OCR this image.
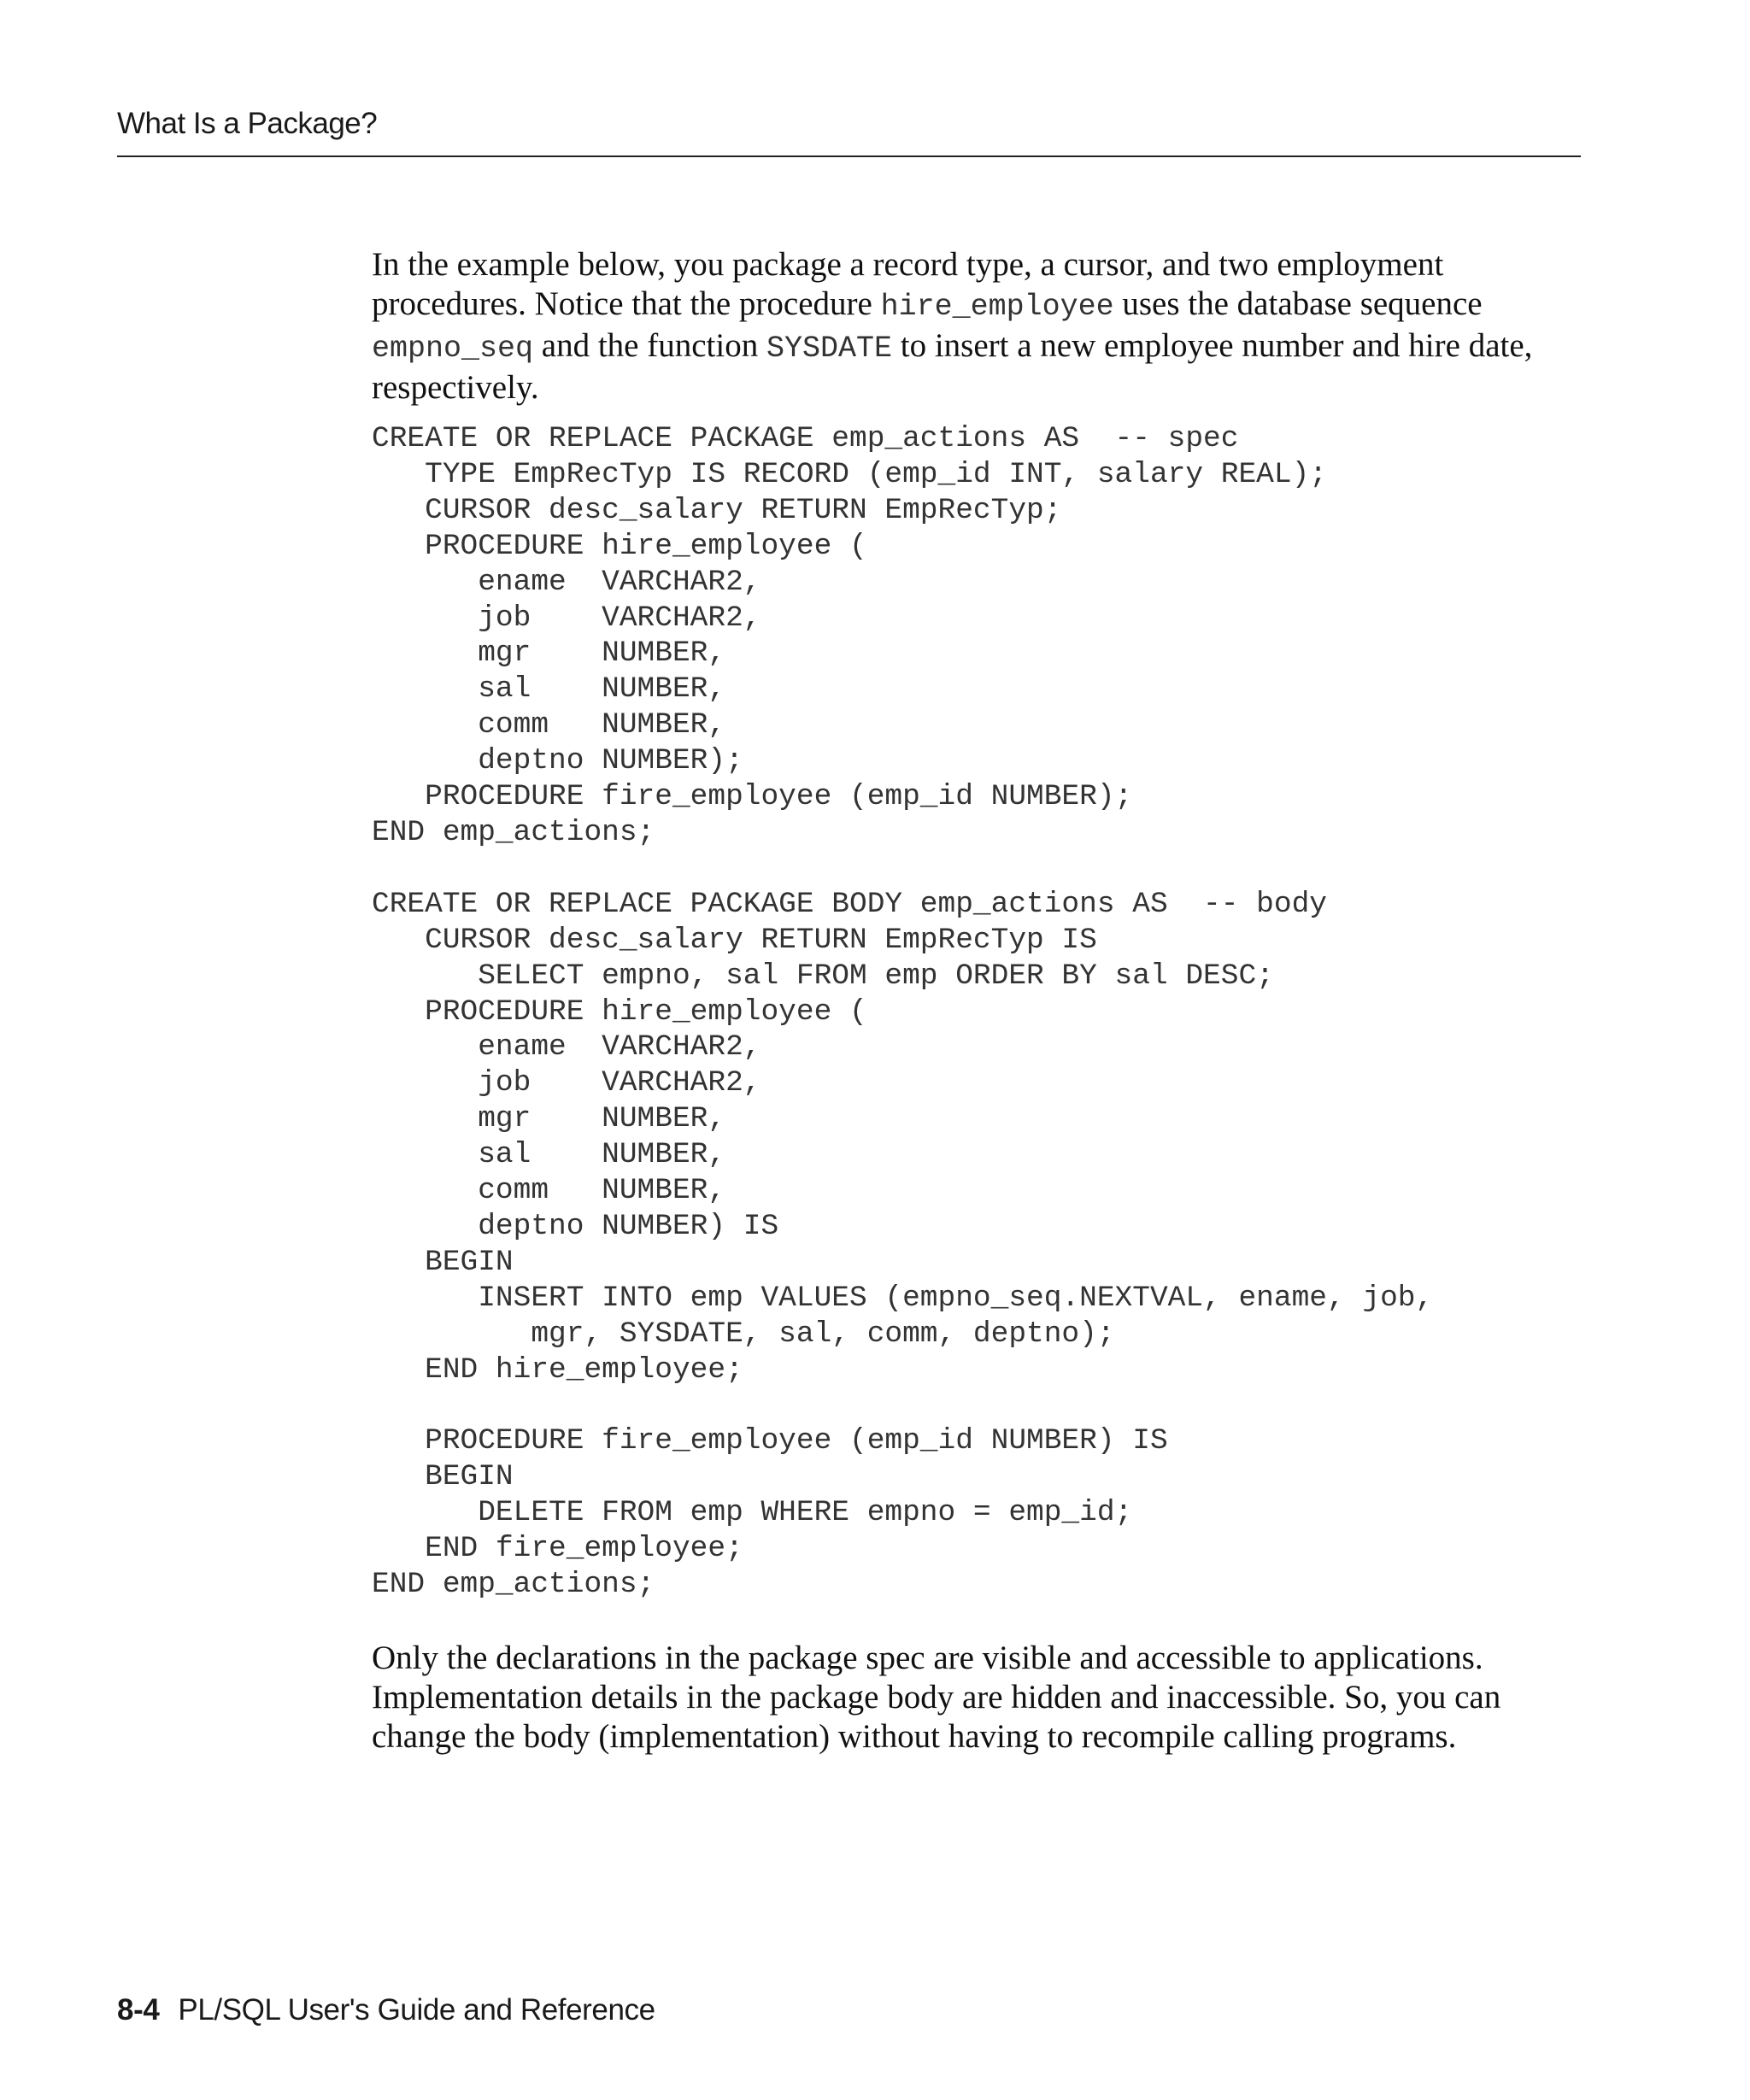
What Is a Package?

In the example below, you package a record type, a cursor, and two employment procedures. Notice that the procedure hire_employee uses the database sequence empno_seq and the function SYSDATE to insert a new employee number and hire date, respectively.

CREATE OR REPLACE PACKAGE emp_actions AS  -- spec
TYPE EmpRecTyp IS RECORD (emp_id INT, salary REAL);
CURSOR desc_salary RETURN EmpRecTyp;
PROCEDURE hire_employee (
ename  VARCHAR2,
job    VARCHAR2,
mgr    NUMBER,
sal    NUMBER,
comm   NUMBER,
deptno NUMBER);
PROCEDURE fire_employee (emp_id NUMBER);
END emp_actions;

CREATE OR REPLACE PACKAGE BODY emp_actions AS  -- body
CURSOR desc_salary RETURN EmpRecTyp IS
SELECT empno, sal FROM emp ORDER BY sal DESC;
PROCEDURE hire_employee (
ename  VARCHAR2,
job    VARCHAR2,
mgr    NUMBER,
sal    NUMBER,
comm   NUMBER,
deptno NUMBER) IS
BEGIN
INSERT INTO emp VALUES (empno_seq.NEXTVAL, ename, job,
mgr, SYSDATE, sal, comm, deptno);
END hire_employee;

PROCEDURE fire_employee (emp_id NUMBER) IS
BEGIN
DELETE FROM emp WHERE empno = emp_id;
END fire_employee;
END emp_actions;

Only the declarations in the package spec are visible and accessible to applications. Implementation details in the package body are hidden and inaccessible. So, you can change the body (implementation) without having to recompile calling programs.

8-4 PL/SQL User's Guide and Reference
